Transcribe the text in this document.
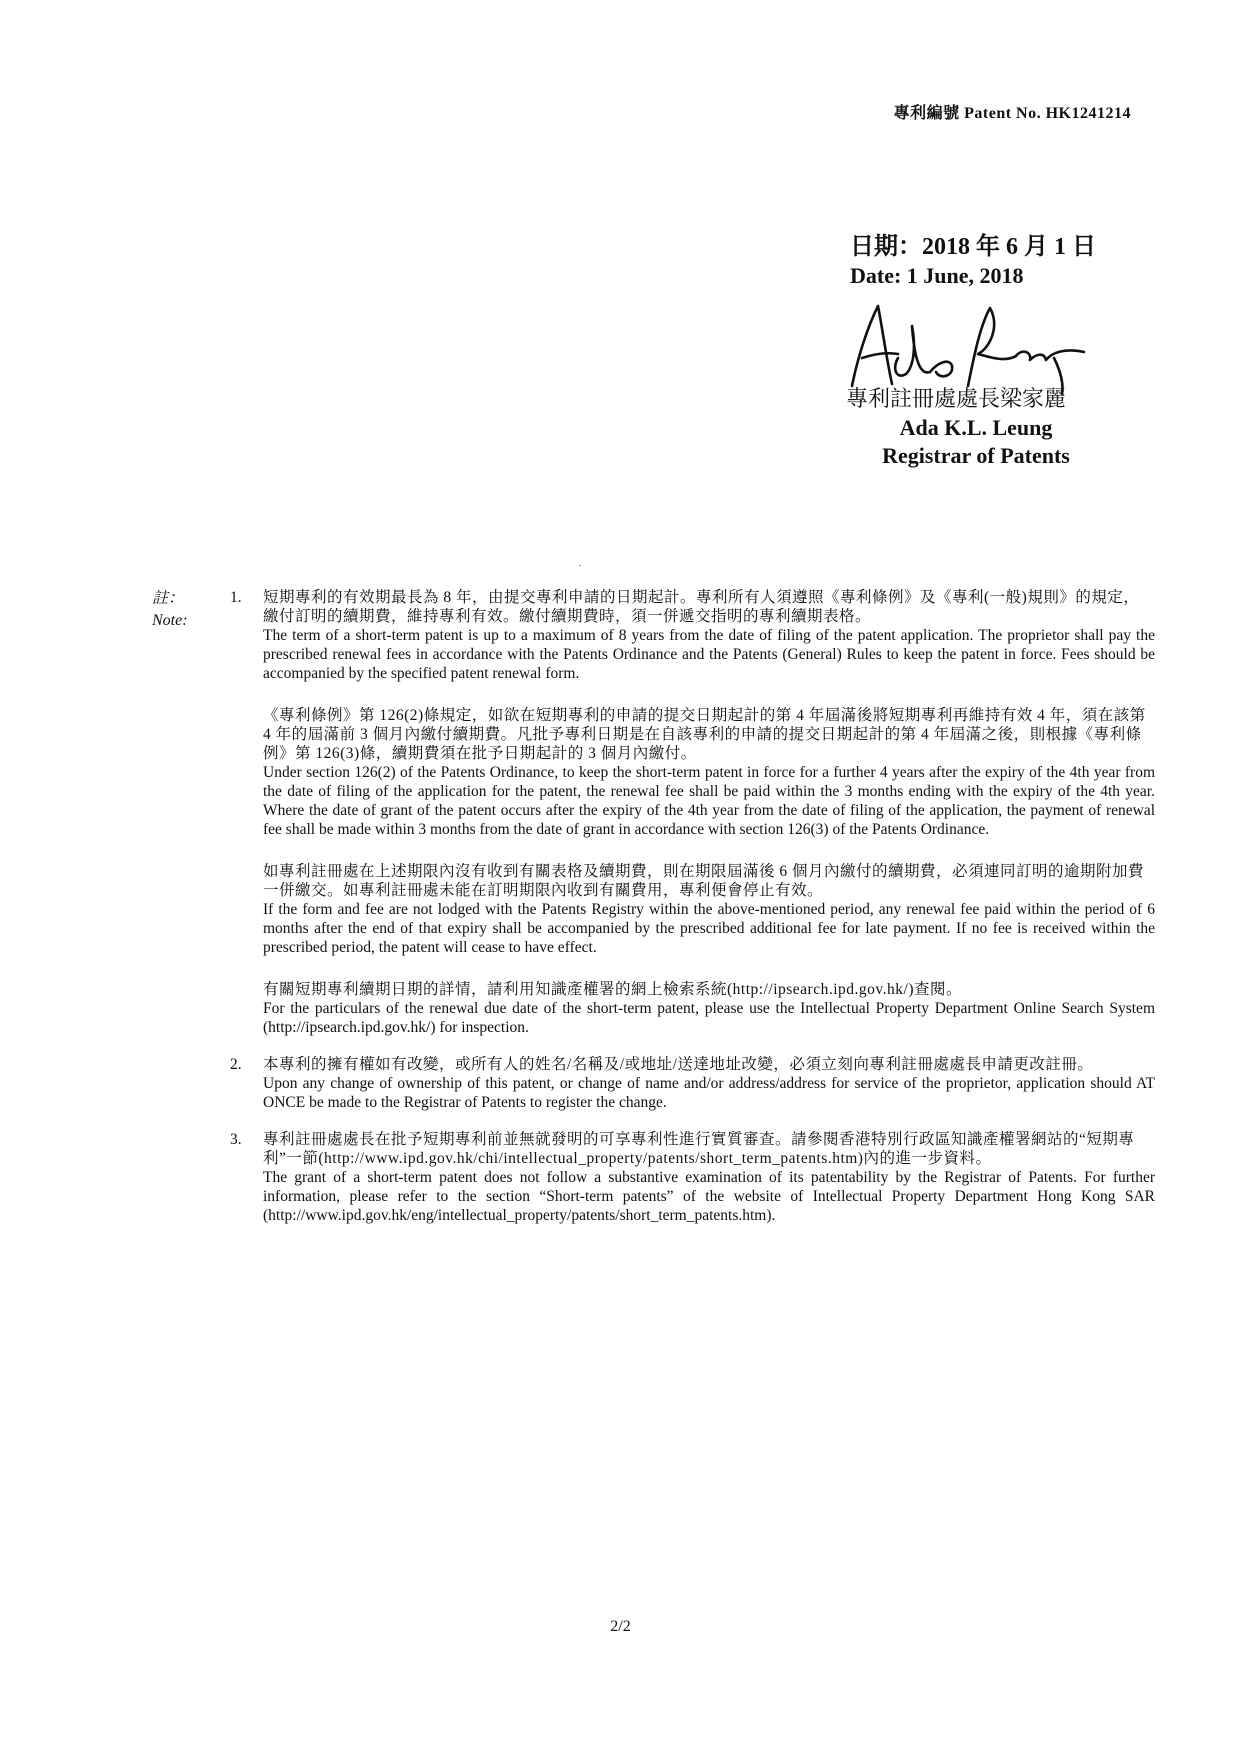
專利編號 Patent No. HK1241214
日期：2018 年 6 月 1 日
Date: 1 June, 2018
專利註冊處處長梁家麗
Ada K.L. Leung
Registrar of Patents
註：
Note:
1.	短期專利的有效期最長為 8 年，由提交專利申請的日期起計。專利所有人須遵照《專利條例》及《專利(一般)規則》的規定，繳付訂明的續期費，維持專利有效。繳付續期費時，須一併遞交指明的專利續期表格。
The term of a short-term patent is up to a maximum of 8 years from the date of filing of the patent application. The proprietor shall pay the prescribed renewal fees in accordance with the Patents Ordinance and the Patents (General) Rules to keep the patent in force. Fees should be accompanied by the specified patent renewal form.
《專利條例》第 126(2)條規定，如欲在短期專利的申請的提交日期起計的第 4 年屆滿後將短期專利再維持有效 4 年，須在該第 4 年的屆滿前 3 個月內繳付續期費。凡批予專利日期是在自該專利的申請的提交日期起計的第 4 年屆滿之後，則根據《專利條例》第 126(3)條，續期費須在批予日期起計的 3 個月內繳付。
Under section 126(2) of the Patents Ordinance, to keep the short-term patent in force for a further 4 years after the expiry of the 4th year from the date of filing of the application for the patent, the renewal fee shall be paid within the 3 months ending with the expiry of the 4th year. Where the date of grant of the patent occurs after the expiry of the 4th year from the date of filing of the application, the payment of renewal fee shall be made within 3 months from the date of grant in accordance with section 126(3) of the Patents Ordinance.
如專利註冊處在上述期限內沒有收到有關表格及續期費，則在期限屆滿後 6 個月內繳付的續期費，必須連同訂明的逾期附加費一併繳交。如專利註冊處未能在訂明期限內收到有關費用，專利便會停止有效。
If the form and fee are not lodged with the Patents Registry within the above-mentioned period, any renewal fee paid within the period of 6 months after the end of that expiry shall be accompanied by the prescribed additional fee for late payment. If no fee is received within the prescribed period, the patent will cease to have effect.
有關短期專利續期日期的詳情，請利用知識產權署的網上檢索系統(http://ipsearch.ipd.gov.hk/)查閱。
For the particulars of the renewal due date of the short-term patent, please use the Intellectual Property Department Online Search System (http://ipsearch.ipd.gov.hk/) for inspection.
2.	本專利的擁有權如有改變，或所有人的姓名/名稱及/或地址/送達地址改變，必須立刻向專利註冊處處長申請更改註冊。
Upon any change of ownership of this patent, or change of name and/or address/address for service of the proprietor, application should AT ONCE be made to the Registrar of Patents to register the change.
3.	專利註冊處處長在批予短期專利前並無就發明的可享專利性進行實質審查。請參閱香港特別行政區知識產權署網站的“短期專利”一節(http://www.ipd.gov.hk/chi/intellectual_property/patents/short_term_patents.htm)內的進一步資料。
The grant of a short-term patent does not follow a substantive examination of its patentability by the Registrar of Patents. For further information, please refer to the section “Short-term patents” of the website of Intellectual Property Department Hong Kong SAR (http://www.ipd.gov.hk/eng/intellectual_property/patents/short_term_patents.htm).
2/2
